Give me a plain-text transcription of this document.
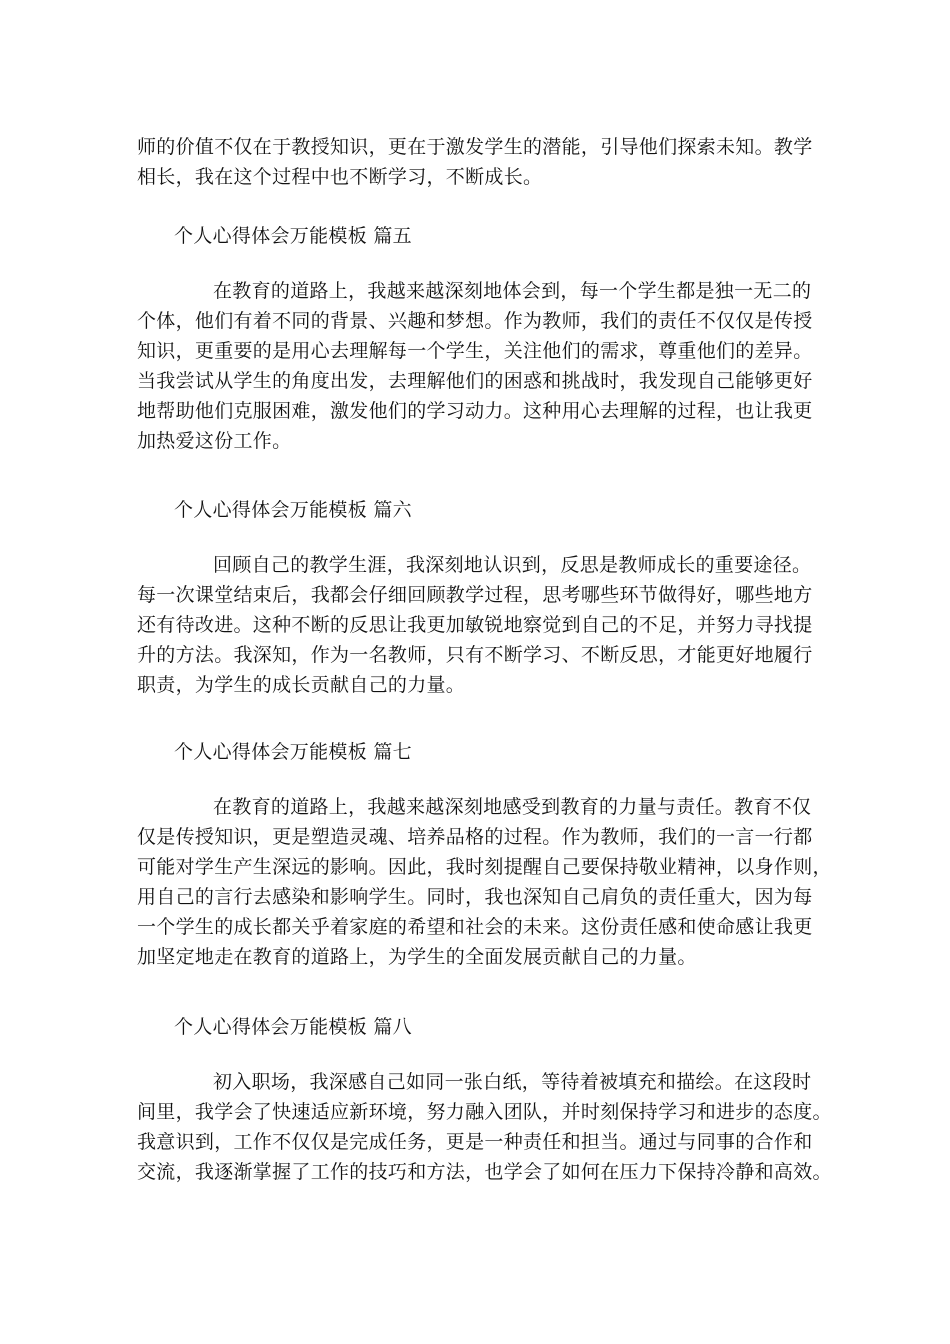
师的价值不仅在于教授知识，更在于激发学生的潜能，引导他们探索未知。教学
相长，我在这个过程中也不断学习，不断成长。
个人心得体会万能模板 篇五
在教育的道路上，我越来越深刻地体会到，每一个学生都是独一无二的
个体，他们有着不同的背景、兴趣和梦想。作为教师，我们的责任不仅仅是传授
知识，更重要的是用心去理解每一个学生，关注他们的需求，尊重他们的差异。
当我尝试从学生的角度出发，去理解他们的困惑和挑战时，我发现自己能够更好
地帮助他们克服困难，激发他们的学习动力。这种用心去理解的过程，也让我更
加热爱这份工作。
个人心得体会万能模板 篇六
回顾自己的教学生涯，我深刻地认识到，反思是教师成长的重要途径。
每一次课堂结束后，我都会仔细回顾教学过程，思考哪些环节做得好，哪些地方
还有待改进。这种不断的反思让我更加敏锐地察觉到自己的不足，并努力寻找提
升的方法。我深知，作为一名教师，只有不断学习、不断反思，才能更好地履行
职责，为学生的成长贡献自己的力量。
个人心得体会万能模板 篇七
在教育的道路上，我越来越深刻地感受到教育的力量与责任。教育不仅
仅是传授知识，更是塑造灵魂、培养品格的过程。作为教师，我们的一言一行都
可能对学生产生深远的影响。因此，我时刻提醒自己要保持敬业精神，以身作则，
用自己的言行去感染和影响学生。同时，我也深知自己肩负的责任重大，因为每
一个学生的成长都关乎着家庭的希望和社会的未来。这份责任感和使命感让我更
加坚定地走在教育的道路上，为学生的全面发展贡献自己的力量。
个人心得体会万能模板 篇八
初入职场，我深感自己如同一张白纸，等待着被填充和描绘。在这段时
间里，我学会了快速适应新环境，努力融入团队，并时刻保持学习和进步的态度。
我意识到，工作不仅仅是完成任务，更是一种责任和担当。通过与同事的合作和
交流，我逐渐掌握了工作的技巧和方法，也学会了如何在压力下保持冷静和高效。
